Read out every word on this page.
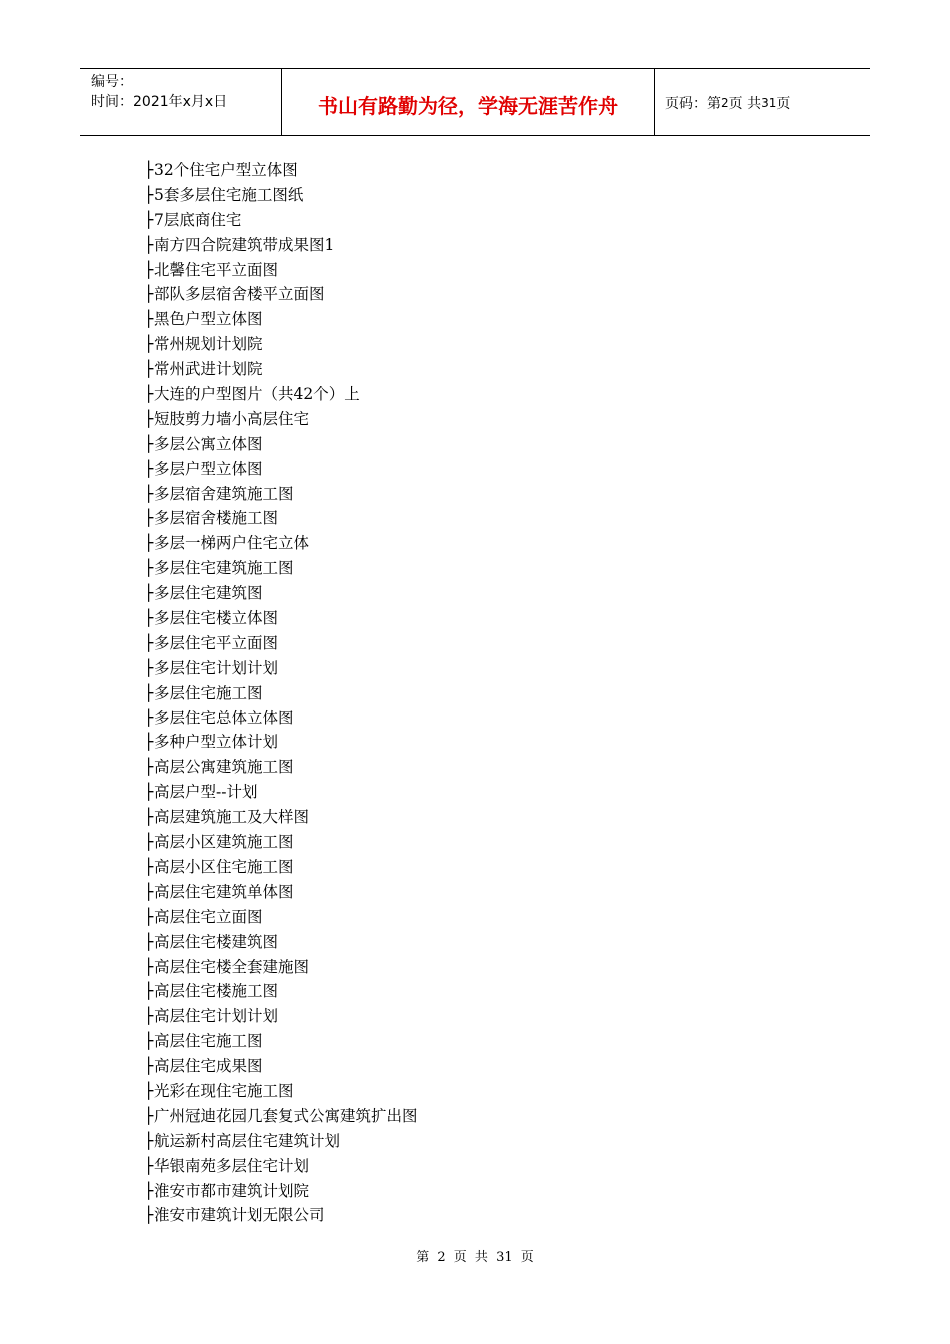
编号：
时间：2021年x月x日	书山有路勤为径，学海无涯苦作舟	页码：第 2 页 共 31 页
├32个住宅户型立体图
├5套多层住宅施工图纸
├7层底商住宅
├南方四合院建筑带成果图1
├北馨住宅平立面图
├部队多层宿舍楼平立面图
├黑色户型立体图
├常州规划计划院
├常州武进计划院
├大连的户型图片（共42个）上
├短肢剪力墙小高层住宅
├多层公寓立体图
├多层户型立体图
├多层宿舍建筑施工图
├多层宿舍楼施工图
├多层一梯两户住宅立体
├多层住宅建筑施工图
├多层住宅建筑图
├多层住宅楼立体图
├多层住宅平立面图
├多层住宅计划计划
├多层住宅施工图
├多层住宅总体立体图
├多种户型立体计划
├高层公寓建筑施工图
├高层户型--计划
├高层建筑施工及大样图
├高层小区建筑施工图
├高层小区住宅施工图
├高层住宅建筑单体图
├高层住宅立面图
├高层住宅楼建筑图
├高层住宅楼全套建施图
├高层住宅楼施工图
├高层住宅计划计划
├高层住宅施工图
├高层住宅成果图
├光彩在现住宅施工图
├广州冠迪花园几套复式公寓建筑扩出图
├航运新村高层住宅建筑计划
├华银南苑多层住宅计划
├淮安市都市建筑计划院
├淮安市建筑计划无限公司
第 2 页 共 31 页
